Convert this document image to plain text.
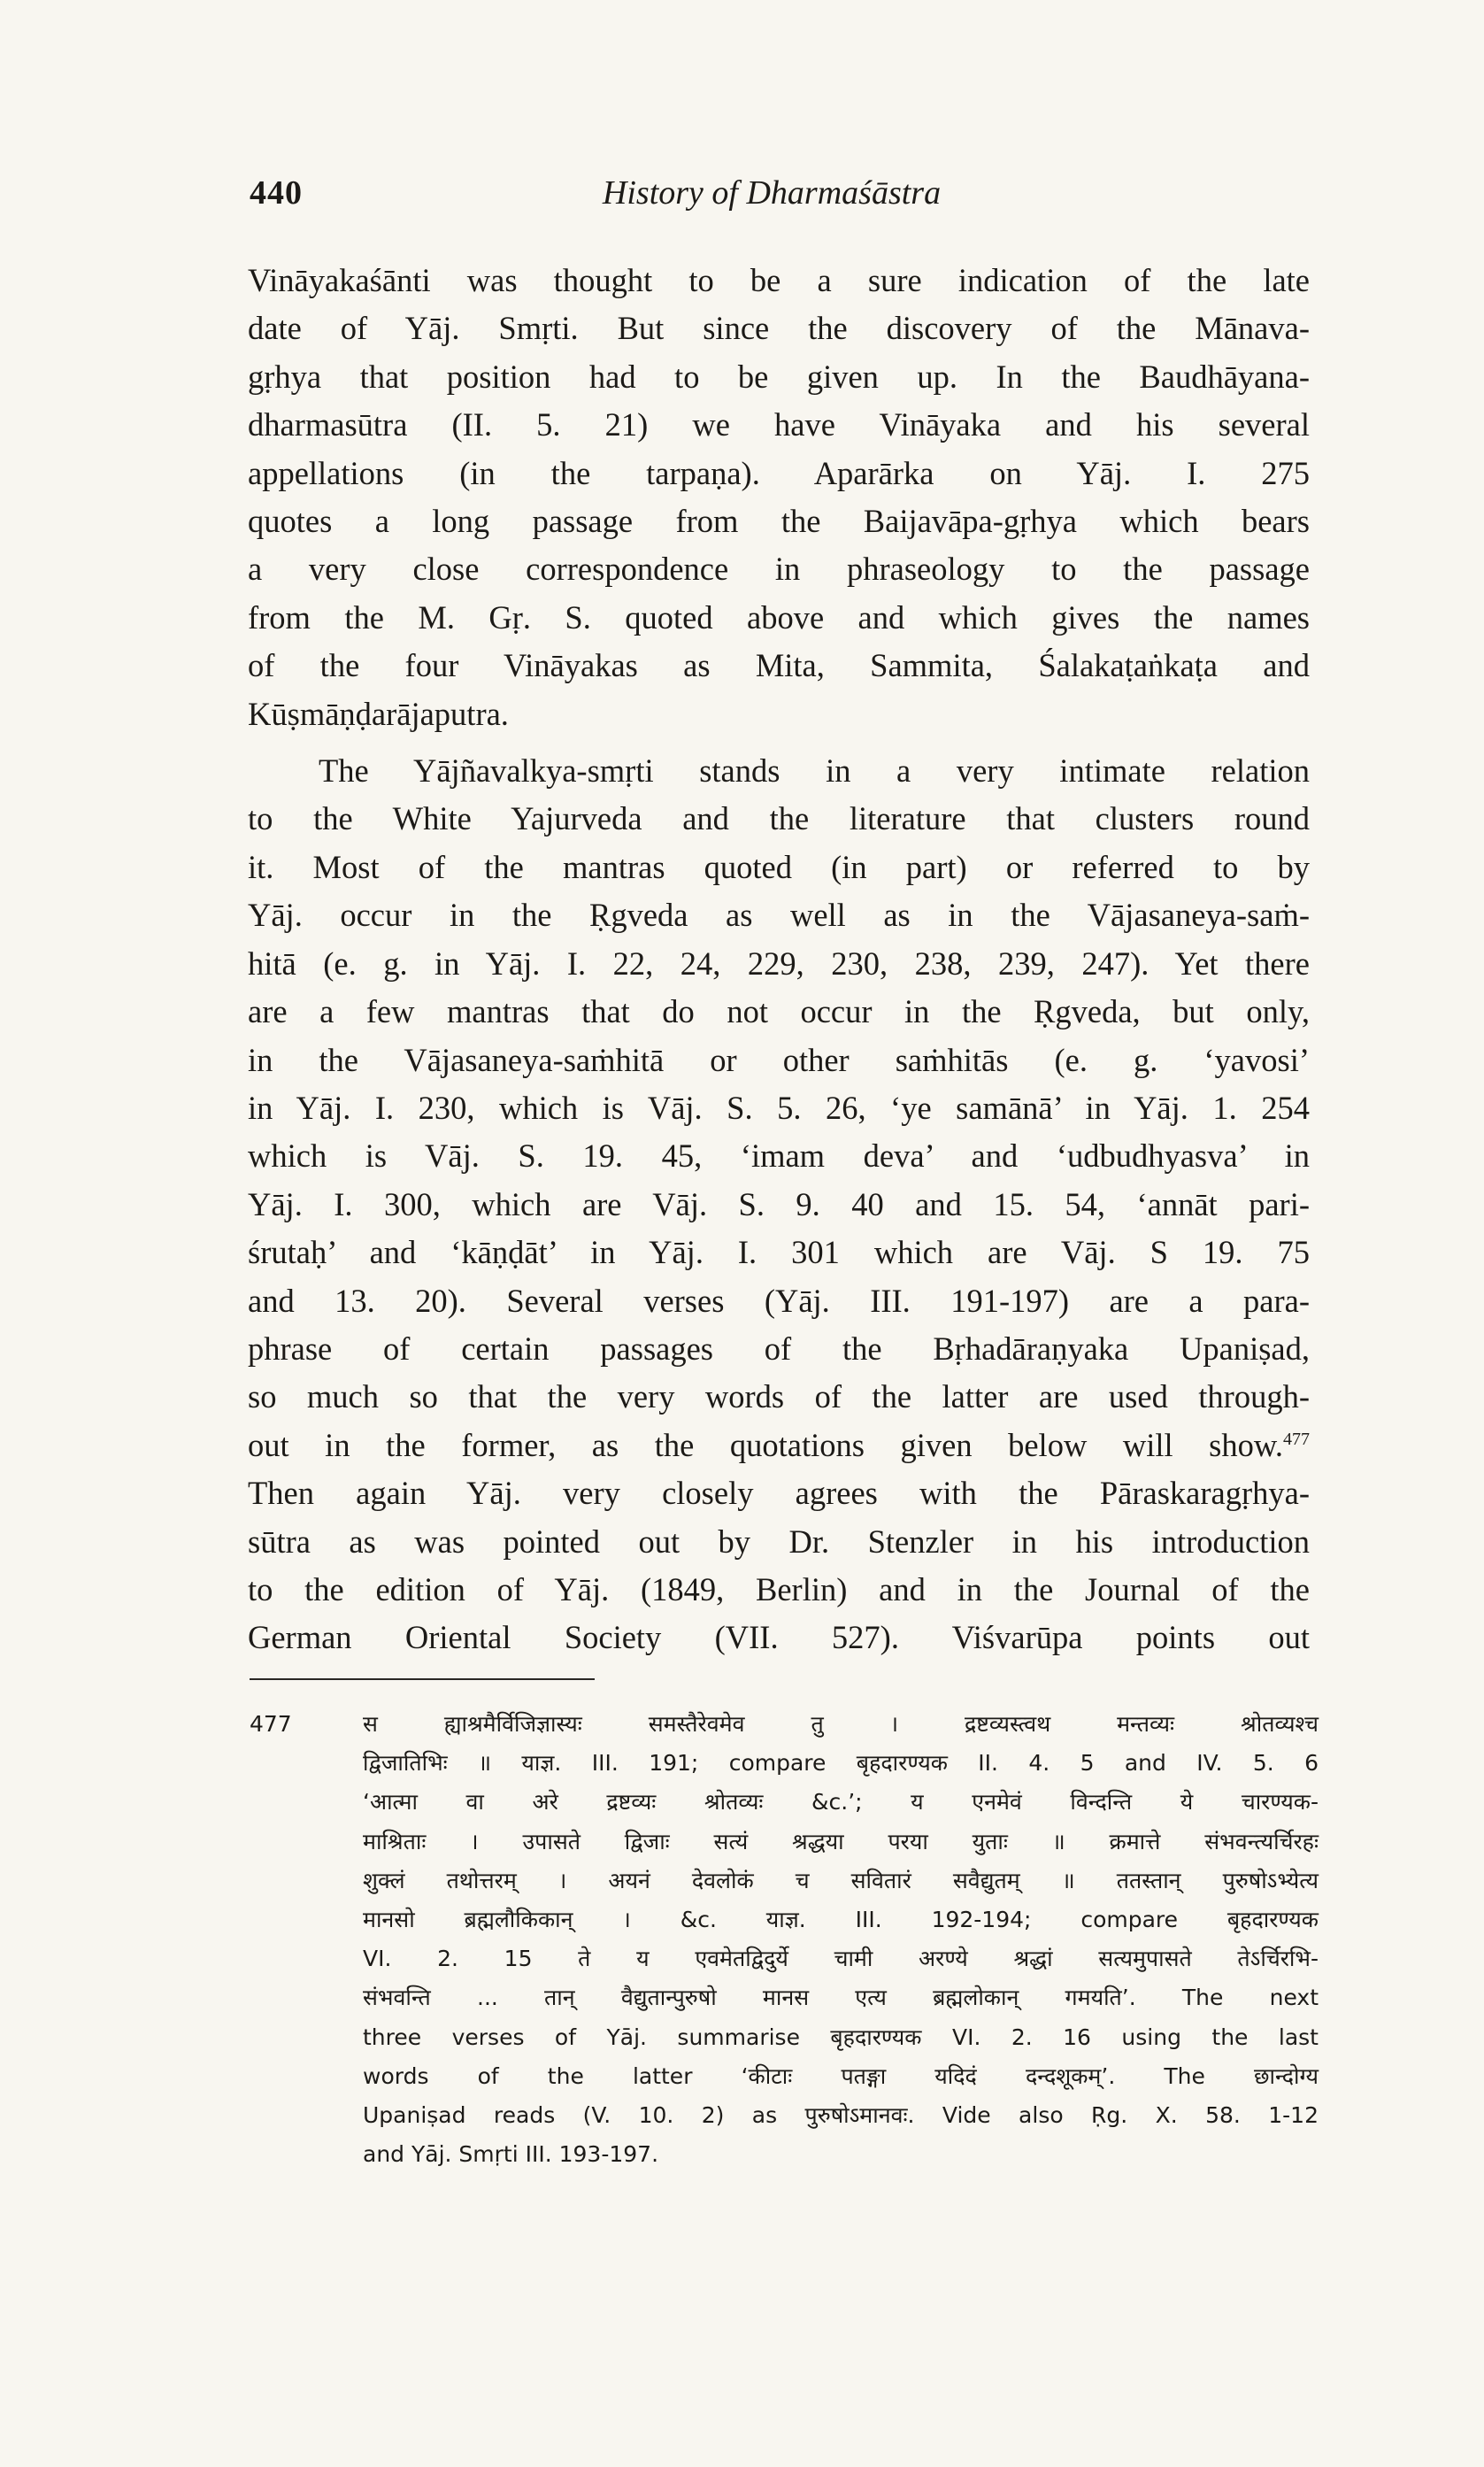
440	History of Dharmaśāstra
Vināyakaśānti was thought to be a sure indication of the late
date of Yāj. Smṛti. But since the discovery of the Mānava-
gṛhya that position had to be given up. In the Baudhāyana-
dharmasūtra (II. 5. 21) we have Vināyaka and his several
appellations (in the tarpaṇa). Aparārka on Yāj. I. 275
quotes a long passage from the Baijavāpa-gṛhya which bears
a very close correspondence in phraseology to the passage
from the M. Gṛ. S. quoted above and which gives the names
of the four Vināyakas as Mita, Sammita, Śalakaṭaṅkaṭa and
Kūṣmāṇḍarājaputra.
The Yājñavalkya-smṛti stands in a very intimate relation
to the White Yajurveda and the literature that clusters round
it. Most of the mantras quoted (in part) or referred to by
Yāj. occur in the Ṛgveda as well as in the Vājasaneya-saṁ-
hitā (e. g. in Yāj. I. 22, 24, 229, 230, 238, 239, 247). Yet there
are a few mantras that do not occur in the Ṛgveda, but only,
in the Vājasaneya-saṁhitā or other saṁhitās (e. g. ‘yavosi’
in Yāj. I. 230, which is Vāj. S. 5. 26, ‘ye samānā’ in Yāj. 1. 254
which is Vāj. S. 19. 45, ‘imam deva’ and ‘udbudhyasva’ in
Yāj. I. 300, which are Vāj. S. 9. 40 and 15. 54, ‘annāt pari-
śrutaḥ’ and ‘kāṇḍāt’ in Yāj. I. 301 which are Vāj. S 19. 75
and 13. 20). Several verses (Yāj. III. 191-197) are a para-
phrase of certain passages of the Bṛhadāraṇyaka Upaniṣad,
so much so that the very words of the latter are used through-
out in the former, as the quotations given below will show.$^{477}$
Then again Yāj. very closely agrees with the Pāraskaragṛhya-
sūtra as was pointed out by Dr. Stenzler in his introduction
to the edition of Yāj. (1849, Berlin) and in the Journal of the
German Oriental Society (VII. 527). Viśvarūpa points out
477	स ह्याश्रमैर्विजिज्ञास्यः समस्तैरेवमेव तु । द्रष्टव्यस्त्वथ मन्तव्यः श्रोतव्यश्च
द्विजातिभिः ॥ याज्ञ. III. 191; compare बृहदारण्यक II. 4. 5 and IV. 5. 6
‘आत्मा वा अरे द्रष्टव्यः श्रोतव्यः &c.’; य एनमेवं विन्दन्ति ये चारण्यक-
माश्रिताः । उपासते द्विजाः सत्यं श्रद्धया परया युताः ॥ क्रमात्ते संभवन्त्यर्चिरहः
शुक्लं तथोत्तरम् । अयनं देवलोकं च सवितारं सवैद्युतम् ॥ ततस्तान् पुरुषोऽभ्येत्य
मानसो ब्रह्मलौकिकान् । &c. याज्ञ. III. 192-194; compare बृहदारण्यक
VI. 2. 15 ते य एवमेतद्विदुर्ये चामी अरण्ये श्रद्धां सत्यमुपासते तेऽर्चिरभि-
संभवन्ति ... तान् वैद्युतान्पुरुषो मानस एत्य ब्रह्मलोकान् गमयति’. The next
three verses of Yāj. summarise बृहदारण्यक VI. 2. 16 using the last
words of the latter ‘कीटाः पतङ्गा यदिदं दन्दशूकम्’. The छान्दोग्य
Upaniṣad reads (V. 10. 2) as पुरुषोऽमानवः. Vide also Ṛg. X. 58. 1-12
and Yāj. Smṛti III. 193-197.
